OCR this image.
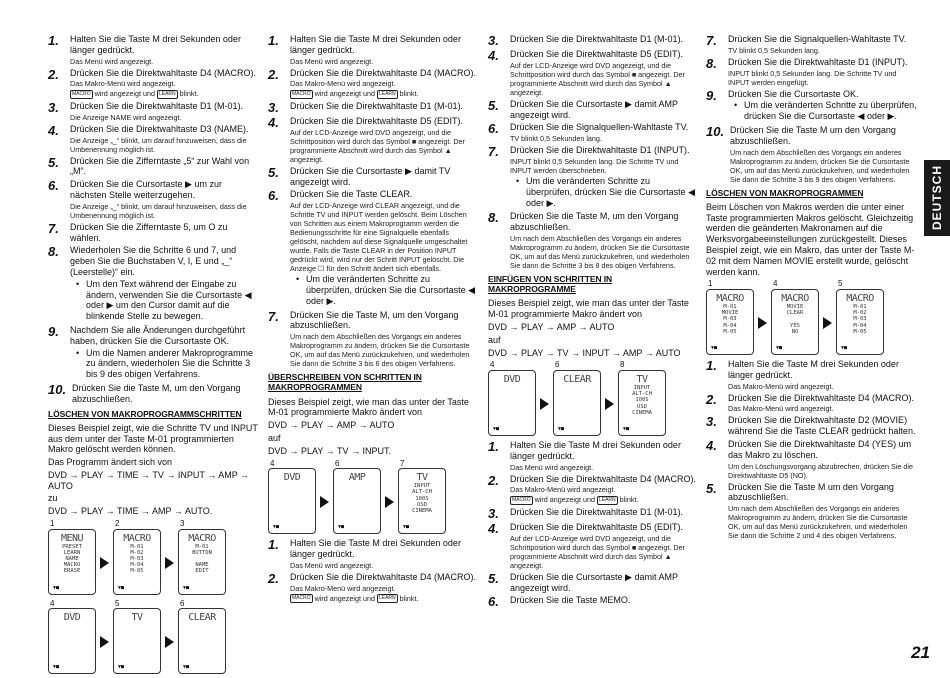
1.	Halten Sie die Taste M drei Sekunden oder länger gedrückt.
Das Menü wird angezeigt.
2.	Drücken Sie die Direktwahltaste D4 (MACRO).
Das Makro-Menü wird angezeigt.
MACRO wird angezeigt und LEARN blinkt.
3.	Drücken Sie die Direktwahltaste D1 (M-01).
Die Anzeige NAME wird angezeigt.
4.	Drücken Sie die Direktwahltaste D3 (NAME).
Die Anzeige „_“ blinkt, um darauf hinzuweisen, dass die Umbenennung möglich ist.
5.	Drücken Sie die Zifferntaste „5“ zur Wahl von „M“.
6.	Drücken Sie die Cursortaste ▶ um zur nächsten Stelle weiterzugehen.
Die Anzeige „_“ blinkt, um darauf hinzuweisen, dass die Umbenennung möglich ist.
7.	Drücken Sie die Zifferntaste 5, um O zu wählen.
8.	Wiederholen Sie die Schritte 6 und 7, und geben Sie die Buchstaben V, I, E und „_“ (Leerstelle)“ ein.
• Um den Text während der Eingabe zu ändern, verwenden Sie die Cursortaste ◀ oder ▶ um den Cursor damit auf die blinkende Stelle zu bewegen.
9.	Nachdem Sie alle Änderungen durchgeführt haben, drücken Sie die Cursortaste OK.
• Um die Namen anderer Makroprogramme zu ändern, wiederholen Sie die Schritte 3 bis 9 des obigen Verfahrens.
10. Drücken Sie die Taste M, um den Vorgang abzuschließen.
LÖSCHEN VON MAKROPROGRAMMSCHRITTEN
Dieses Beispiel zeigt, wie die Schritte TV und INPUT aus dem unter der Taste M-01 programmierten Makro gelöscht werden können.
Das Programm ändert sich von
DVD → PLAY → TIME → TV → INPUT → AMP → AUTO
zu
DVD → PLAY → TIME → AMP → AUTO.
1
MENU
PRESET
LEARN
NAME
MACRO
ERASE
▼■
2
MACRO
M-01
M-02
M-03
M-04
M-05
▼■
3
MACRO
M-01
BUTTON

NAME
EDIT
▼■
4
DVD

▼■
5
TV

▼■
6
CLEAR

▼■
1.	Halten Sie die Taste M drei Sekunden oder länger gedrückt.
Das Menü wird angezeigt.
2.	Drücken Sie die Direktwahltaste D4 (MACRO).
Das Makro-Menü wird angezeigt.
MACRO wird angezeigt und LEARN blinkt.
3.	Drücken Sie die Direktwahltaste D1 (M-01).
4.	Drücken Sie die Direktwahltaste D5 (EDIT).
Auf der LCD-Anzeige wird DVD angezeigt, und die Schrittposition wird durch das Symbol ■ angezeigt. Der programmierte Abschnitt wird durch das Symbol ▲ angezeigt.
5.	Drücken Sie die Cursortaste ▶ damit TV angezeigt wird.
6.	Drücken Sie die Taste CLEAR.
Auf der LCD-Anzeige wird CLEAR angezeigt, und die Schritte TV und INPUT werden gelöscht. Beim Löschen von Schritten aus einem Makroprogramm werden die Bedienungsschritte für eine Signalquelle ebenfalls gelöscht, nachdem auf diese Signalquelle umgeschaltet wurde. Falls die Taste CLEAR in der Position INPUT gedrückt wird, wird nur der Schritt INPUT gelöscht. Die Anzeige ☐ für den Schritt ändert sich ebenfalls.
• Um die veränderten Schritte zu überprüfen, drücken Sie die Cursortaste ◀ oder ▶.
7.	Drücken Sie die Taste M, um den Vorgang abzuschließen.
Um nach dem Abschließen des Vorgangs ein anderes Makroprogramm zu ändern, drücken Sie die Cursortaste OK, um auf das Menü zurückzukehren, und wiederholen Sie dann die Schritte 3 bis 6 des obigen Verfahrens.
ÜBERSCHREIBEN VON SCHRITTEN IN MAKROPROGRAMMEN
Dieses Beispiel zeigt, wie man das unter der Taste M-01 programmierte Makro ändert von
DVD → PLAY → AMP → AUTO
auf
DVD → PLAY → TV → INPUT.
4
DVD

▼■
6
AMP

▼■
7
TV
INPUT
ALT-CH
100S
OSD
CINEMA
▼■
1.	Halten Sie die Taste M drei Sekunden oder länger gedrückt.
Das Menü wird angezeigt.
2.	Drücken Sie die Direktwahltaste D4 (MACRO).
Das Makro-Menü wird angezeigt.
MACRO wird angezeigt und LEARN blinkt.
3.	Drücken Sie die Direktwahltaste D1 (M-01).
4.	Drücken Sie die Direktwahltaste D5 (EDIT).
Auf der LCD-Anzeige wird DVD angezeigt, und die Schrittposition wird durch das Symbol ■ angezeigt. Der programmierte Abschnitt wird durch das Symbol ▲ angezeigt.
5.	Drücken Sie die Cursortaste ▶ damit AMP angezeigt wird.
6.	Drücken Sie die Signalquellen-Wahltaste TV.
TV blinkt 0,5 Sekunden lang.
7.	Drücken Sie die Direktwahltaste D1 (INPUT).
INPUT blinkt 0,5 Sekunden lang. Die Schritte TV und INPUT werden überschrieben.
• Um die veränderten Schritte zu überprüfen, drücken Sie die Cursortaste ◀ oder ▶.
8.	Drücken Sie die Taste M, um den Vorgang abzuschließen.
Um nach dem Abschließen des Vorgangs ein anderes Makroprogramm zu ändern, drücken Sie die Cursortaste OK, um auf das Menü zurückzukehren, und wiederholen Sie dann die Schritte 3 bis 8 des obigen Verfahrens.
EINFÜGEN VON SCHRITTEN IN MAKROPROGRAMME
Dieses Beispiel zeigt, wie man das unter der Taste M-01 programmierte Makro ändert von
DVD → PLAY → AMP → AUTO
auf
DVD → PLAY → TV → INPUT → AMP → AUTO
4
DVD

▼■
6
CLEAR

▼■
8
TV
INPUT
ALT-CH
100S
OSD
CINEMA
▼■
1.	Halten Sie die Taste M drei Sekunden oder länger gedrückt.
Das Menü wird angezeigt.
2.	Drücken Sie die Direktwahltaste D4 (MACRO).
Das Makro-Menü wird angezeigt.
MACRO wird angezeigt und LEARN blinkt.
3.	Drücken Sie die Direktwahltaste D1 (M-01).
4.	Drücken Sie die Direktwahltaste D5 (EDIT).
Auf der LCD-Anzeige wird DVD angezeigt, und die Schrittposition wird durch das Symbol ■ angezeigt. Der programmierte Abschnitt wird durch das Symbol ▲ angezeigt.
5.	Drücken Sie die Cursortaste ▶ damit AMP angezeigt wird.
6.	Drücken Sie die Taste MEMO.
7.	Drücken Sie die Signalquellen-Wahltaste TV.
TV blinkt 0,5 Sekunden lang.
8.	Drücken Sie die Direktwahltaste D1 (INPUT).
INPUT blinkt 0,5 Sekunden lang. Die Schritte TV und INPUT werden eingefügt.
9.	Drücken Sie die Cursortaste OK.
• Um die veränderten Schritte zu überprüfen, drücken Sie die Cursortaste ◀ oder ▶.
10. Drücken Sie die Taste M um den Vorgang abzuschließen.
Um nach dem Abschließen des Vorgangs ein anderes Makroprogramm zu ändern, drücken Sie die Cursortaste OK, um auf das Menü zurückzukehren, und wiederholen Sie dann die Schritte 3 bis 9 des obigen Verfahrens.
LÖSCHEN VON MAKROPROGRAMMEN
Beim Löschen von Makros werden die unter einer Taste programmierten Makros gelöscht. Gleichzeitig werden die geänderten Makronamen auf die Werksvorgabeeinstellungen zurückgestellt. Dieses Beispiel zeigt, wie ein Makro, das unter der Taste M-02 mit dem Namen MOVIE erstellt wurde, gelöscht werden kann.
1
MACRO
M-01
MOVIE
M-03
M-04
M-05
▼■
4
MACRO
MOVIE
CLEAR

YES
NO
▼■
5
MACRO
M-01
M-02
M-03
M-04
M-05
▼■
1.	Halten Sie die Taste M drei Sekunden oder länger gedrückt.
Das Makro-Menü wird angezeigt.
2.	Drücken Sie die Direktwahltaste D4 (MACRO).
Das Makro-Menü wird angezeigt.
3.	Drücken Sie die Direktwahltaste D2 (MOVIE) während Sie die Taste CLEAR gedrückt halten.
4.	Drücken Sie die Direktwahltaste D4 (YES) um das Makro zu löschen.
Um den Löschungsvorgang abzubrechen, drücken Sie die Direktwahltaste D5 (NO).
5.	Drücken Sie die Taste M um den Vorgang abzuschließen.
Um nach dem Abschließen des Vorgangs ein anderes Makroprogramm zu ändern, drücken Sie die Cursortaste OK, um auf das Menü zurückzukehren, und wiederholen Sie dann die Schritte 2 und 4 des obigen Verfahrens.
DEUTSCH
21
